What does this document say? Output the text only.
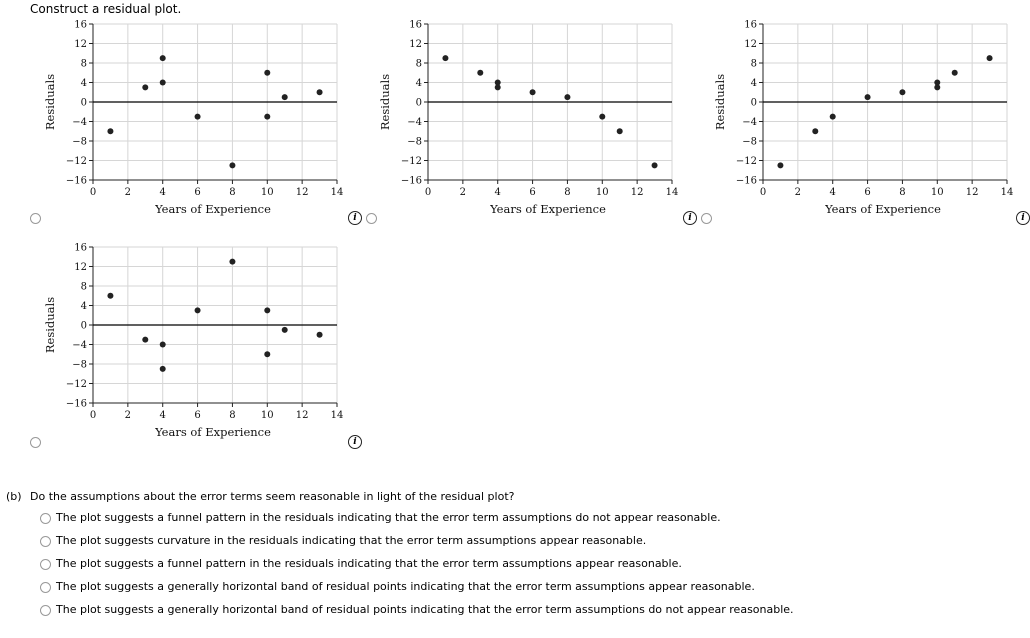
Construct a residual plot.
16
12
8
4
0
−4
−8
−12
−16
0	2	4	6	8	10 12 14
Years of Experience
Residuals
16
12
8
4
0
−4
−8
−12
−16
0	2	4	6	8	10 12 14
Years of Experience
Residuals
16
12
8
4
0
−4
−8
−12
−16
0	2	4	6	8	10 12 14
Years of Experience
Residuals
16
12
8
4
0
−4
−8
−12
−16
0	2	4	6	8	10 12 14
Years of Experience
Residuals
i	i	i
i
(b) Do the assumptions about the error terms seem reasonable in light of the residual plot?
The plot suggests a funnel pattern in the residuals indicating that the error term assumptions do not appear reasonable.
The plot suggests curvature in the residuals indicating that the error term assumptions appear reasonable.
The plot suggests a funnel pattern in the residuals indicating that the error term assumptions appear reasonable.
The plot suggests a generally horizontal band of residual points indicating that the error term assumptions appear reasonable.
The plot suggests a generally horizontal band of residual points indicating that the error term assumptions do not appear reasonable.
